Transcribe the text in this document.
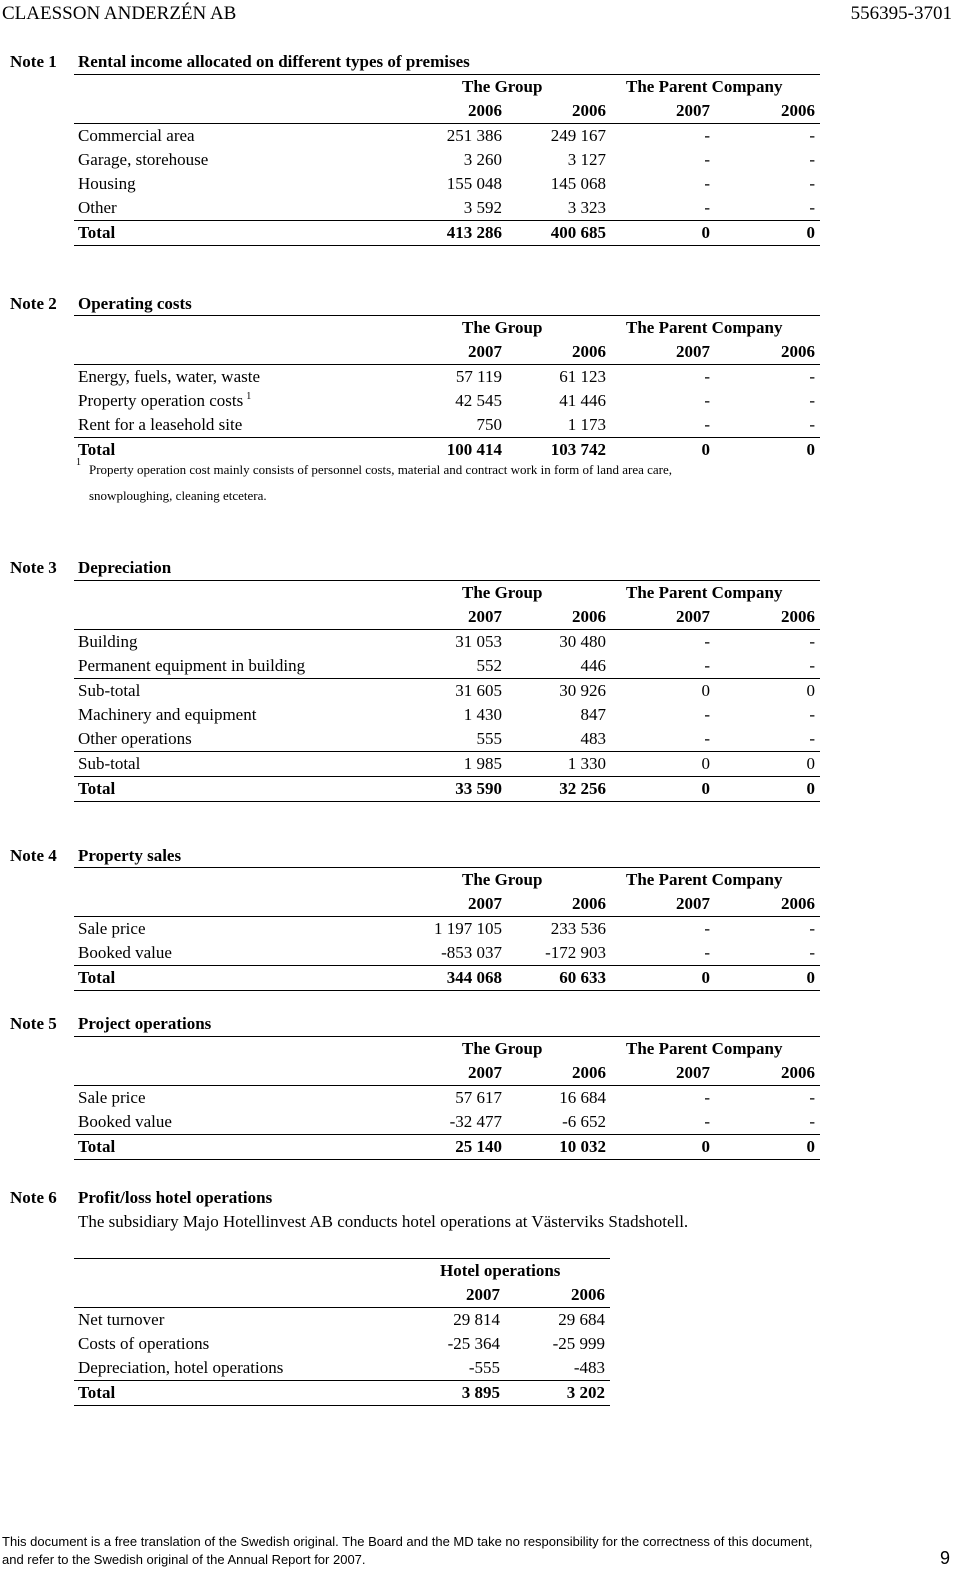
CLAESSON ANDERZÉN AB	556395-3701
Note 1 Rental income allocated on different types of premises
The Group	The Parent Company
2006	2006	2007	2006
Commercial area	251 386	249 167	-	-
Garage, storehouse	3 260	3 127	-	-
Housing	155 048	145 068	-	-
Other	3 592	3 323	-	-
Total	413 286	400 685	0	0
Note 2 Operating costs
The Group	The Parent Company
2007	2006	2007	2006
Energy, fuels, water, waste	57 119	61 123	-	-
Property operation costs $^1$	42 545	41 446	-	-
Rent for a leasehold site	750	1 173	-	-
Total	100 414	103 742	0	0
1 Property operation cost mainly consists of personnel costs, material and contract work in form of land area care,
snowploughing, cleaning etcetera.
Note 3 Depreciation
The Group	The Parent Company
2007	2006	2007	2006
Building	31 053	30 480	-	-
Permanent equipment in building	552	446	-	-
Sub-total	31 605	30 926	0	0
Machinery and equipment	1 430	847	-	-
Other operations	555	483	-	-
Sub-total	1 985	1 330	0	0
Total	33 590	32 256	0	0
Note 4 Property sales
The Group	The Parent Company
2007	2006	2007	2006
Sale price	1 197 105	233 536	-	-
Booked value	-853 037	-172 903	-	-
Total	344 068	60 633	0	0
Note 5 Project operations
The Group	The Parent Company
2007	2006	2007	2006
Sale price	57 617	16 684	-	-
Booked value	-32 477	-6 652	-	-
Total	25 140	10 032	0	0
Note 6 Profit/loss hotel operations
The subsidiary Majo Hotellinvest AB conducts hotel operations at Västerviks Stadshotell.
Hotel operations
2007	2006
Net turnover	29 814	29 684
Costs of operations	-25 364	-25 999
Depreciation, hotel operations	-555	-483
Total	3 895	3 202
This document is a free translation of the Swedish original. The Board and the MD take no responsibility for the correctness of this document,
and refer to the Swedish original of the Annual Report for 2007.	9
